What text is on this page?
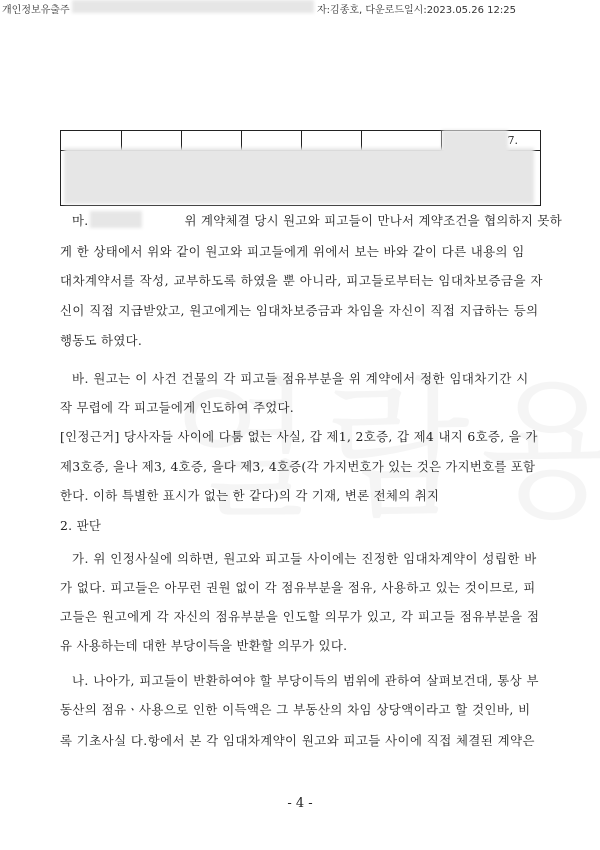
개인정보유출주	자:김종호, 다운로드일시:2023.05.26 12:25
7.
마.	위 계약체결 당시 원고와 피고들이 만나서 계약조건을 협의하지 못하
게 한 상태에서 위와 같이 원고와 피고들에게 위에서 보는 바와 같이 다른 내용의 임
대차계약서를 작성, 교부하도록 하였을 뿐 아니라, 피고들로부터는 임대차보증금을 자
신이 직접 지급받았고, 원고에게는 임대차보증금과 차임을 자신이 직접 지급하는 등의
행동도 하였다.
바. 원고는 이 사건 건물의 각 피고들 점유부분을 위 계약에서 정한 임대차기간 시
작 무렵에 각 피고들에게 인도하여 주었다.
[인정근거] 당사자들 사이에 다툼 없는 사실, 갑 제1, 2호증, 갑 제4 내지 6호증, 을 가
제3호증, 을나 제3, 4호증, 을다 제3, 4호증(각 가지번호가 있는 것은 가지번호를 포함
한다. 이하 특별한 표시가 없는 한 같다)의 각 기재, 변론 전체의 취지
2. 판단
가. 위 인정사실에 의하면, 원고와 피고들 사이에는 진정한 임대차계약이 성립한 바
가 없다. 피고들은 아무런 권원 없이 각 점유부분을 점유, 사용하고 있는 것이므로, 피
고들은 원고에게 각 자신의 점유부분을 인도할 의무가 있고, 각 피고들 점유부분을 점
유 사용하는데 대한 부당이득을 반환할 의무가 있다.
나. 나아가, 피고들이 반환하여야 할 부당이득의 범위에 관하여 살펴보건대, 통상 부
동산의 점유ㆍ사용으로 인한 이득액은 그 부동산의 차임 상당액이라고 할 것인바, 비
록 기초사실 다.항에서 본 각 임대차계약이 원고와 피고들 사이에 직접 체결된 계약은
- 4 -
